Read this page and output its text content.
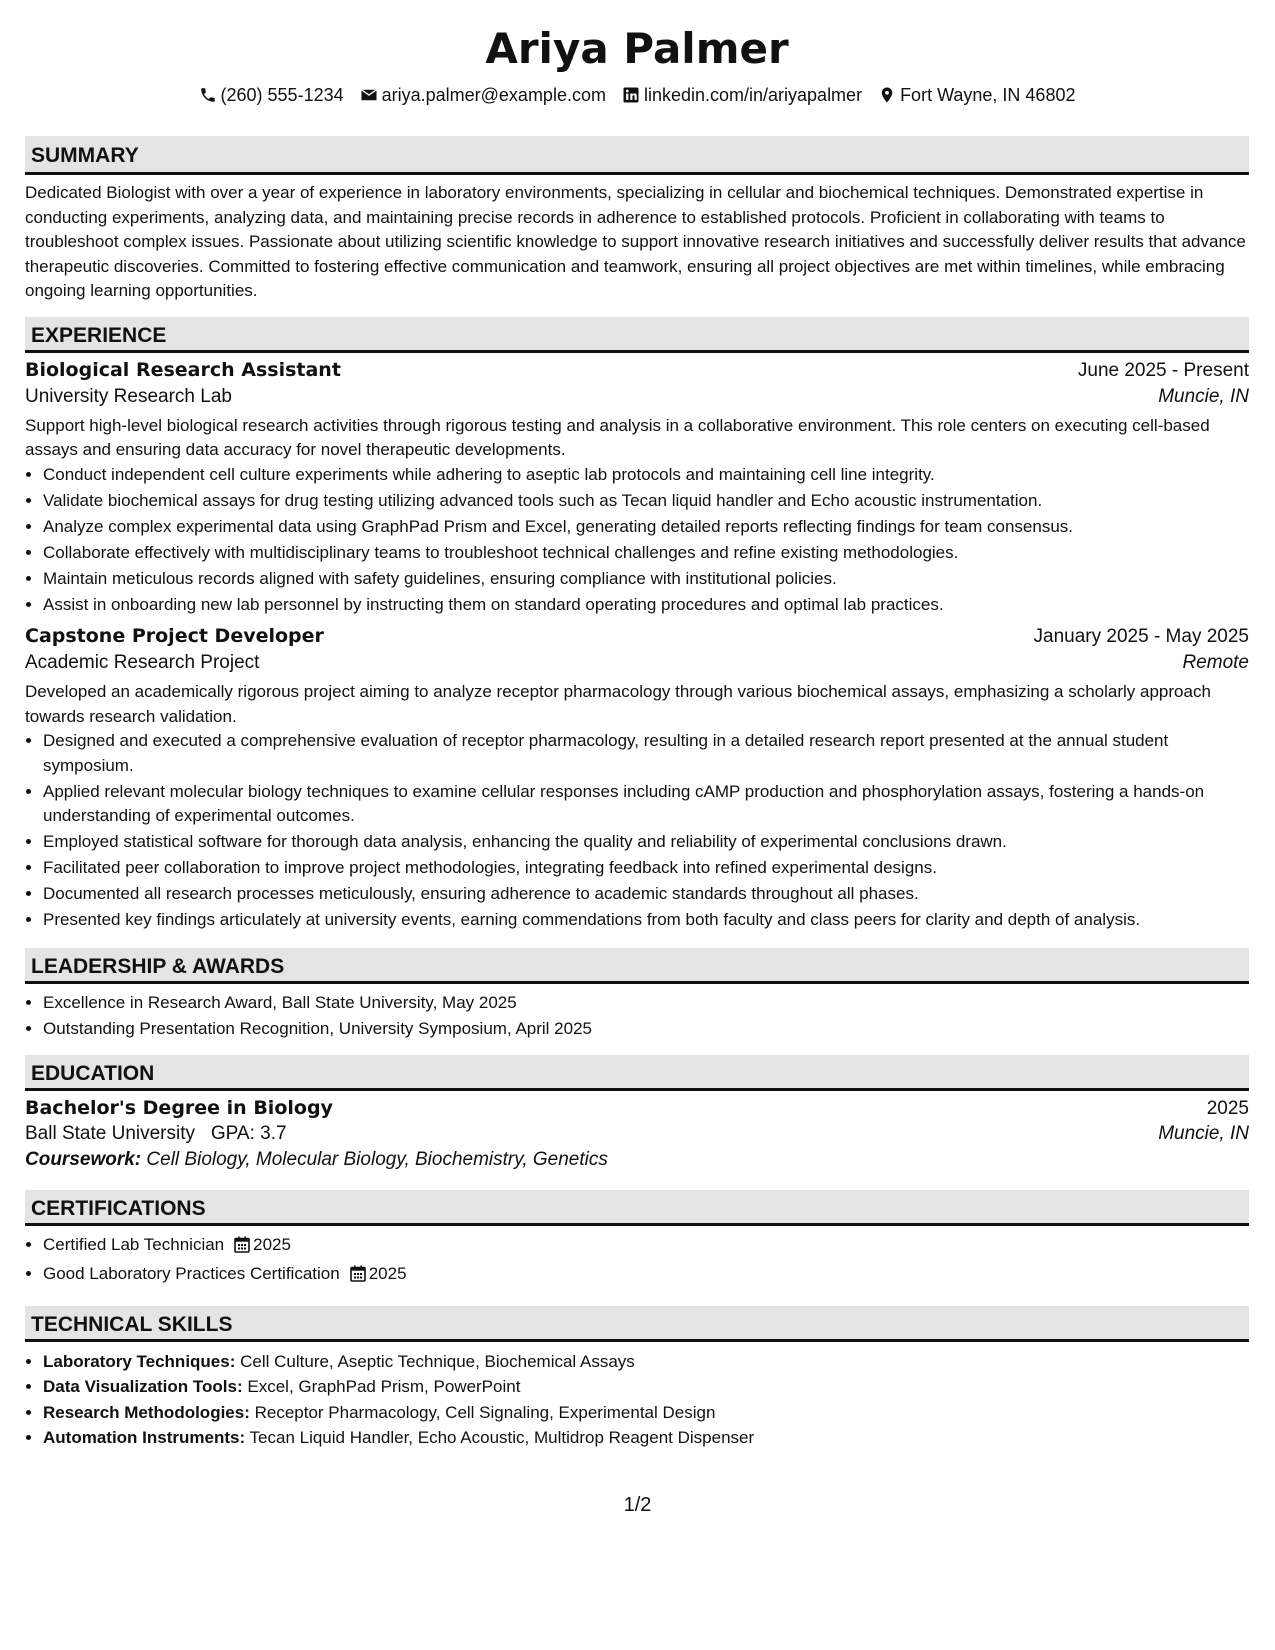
Ariya Palmer
(260) 555-1234 ariya.palmer@example.com linkedin.com/in/ariyapalmer Fort Wayne, IN 46802
SUMMARY

Dedicated Biologist with over a year of experience in laboratory environments, specializing in cellular and biochemical techniques. Demonstrated expertise in conducting experiments, analyzing data, and maintaining precise records in adherence to established protocols. Proficient in collaborating with teams to troubleshoot complex issues. Passionate about utilizing scientific knowledge to support innovative research initiatives and successfully deliver results that advance therapeutic discoveries. Committed to fostering effective communication and teamwork, ensuring all project objectives are met within timelines, while embracing ongoing learning opportunities.

EXPERIENCE
Biological Research Assistant	June 2025 - Present
University Research Lab	Muncie, IN

Support high-level biological research activities through rigorous testing and analysis in a collaborative environment. This role centers on executing cell-based assays and ensuring data accuracy for novel therapeutic developments.

• Conduct independent cell culture experiments while adhering to aseptic lab protocols and maintaining cell line integrity.
• Validate biochemical assays for drug testing utilizing advanced tools such as Tecan liquid handler and Echo acoustic instrumentation.
• Analyze complex experimental data using GraphPad Prism and Excel, generating detailed reports reflecting findings for team consensus.
• Collaborate effectively with multidisciplinary teams to troubleshoot technical challenges and refine existing methodologies.
• Maintain meticulous records aligned with safety guidelines, ensuring compliance with institutional policies.
• Assist in onboarding new lab personnel by instructing them on standard operating procedures and optimal lab practices.
Capstone Project Developer	January 2025 - May 2025
Academic Research Project	Remote

Developed an academically rigorous project aiming to analyze receptor pharmacology through various biochemical assays, emphasizing a scholarly approach towards research validation.

• Designed and executed a comprehensive evaluation of receptor pharmacology, resulting in a detailed research report presented at the annual student symposium.
• Applied relevant molecular biology techniques to examine cellular responses including cAMP production and phosphorylation assays, fostering a hands-on understanding of experimental outcomes.
• Employed statistical software for thorough data analysis, enhancing the quality and reliability of experimental conclusions drawn.
• Facilitated peer collaboration to improve project methodologies, integrating feedback into refined experimental designs.
• Documented all research processes meticulously, ensuring adherence to academic standards throughout all phases.
• Presented key findings articulately at university events, earning commendations from both faculty and class peers for clarity and depth of analysis.
LEADERSHIP & AWARDS
• Excellence in Research Award, Ball State University, May 2025
• Outstanding Presentation Recognition, University Symposium, April 2025
EDUCATION
Bachelor's Degree in Biology	2025
Ball State University GPA: 3.7	Muncie, IN
Coursework: Cell Biology, Molecular Biology, Biochemistry, Genetics
CERTIFICATIONS
• Certified Lab Technician 2025
• Good Laboratory Practices Certification 2025
TECHNICAL SKILLS
• Laboratory Techniques: Cell Culture, Aseptic Technique, Biochemical Assays
• Data Visualization Tools: Excel, GraphPad Prism, PowerPoint
• Research Methodologies: Receptor Pharmacology, Cell Signaling, Experimental Design
• Automation Instruments: Tecan Liquid Handler, Echo Acoustic, Multidrop Reagent Dispenser
1/2
